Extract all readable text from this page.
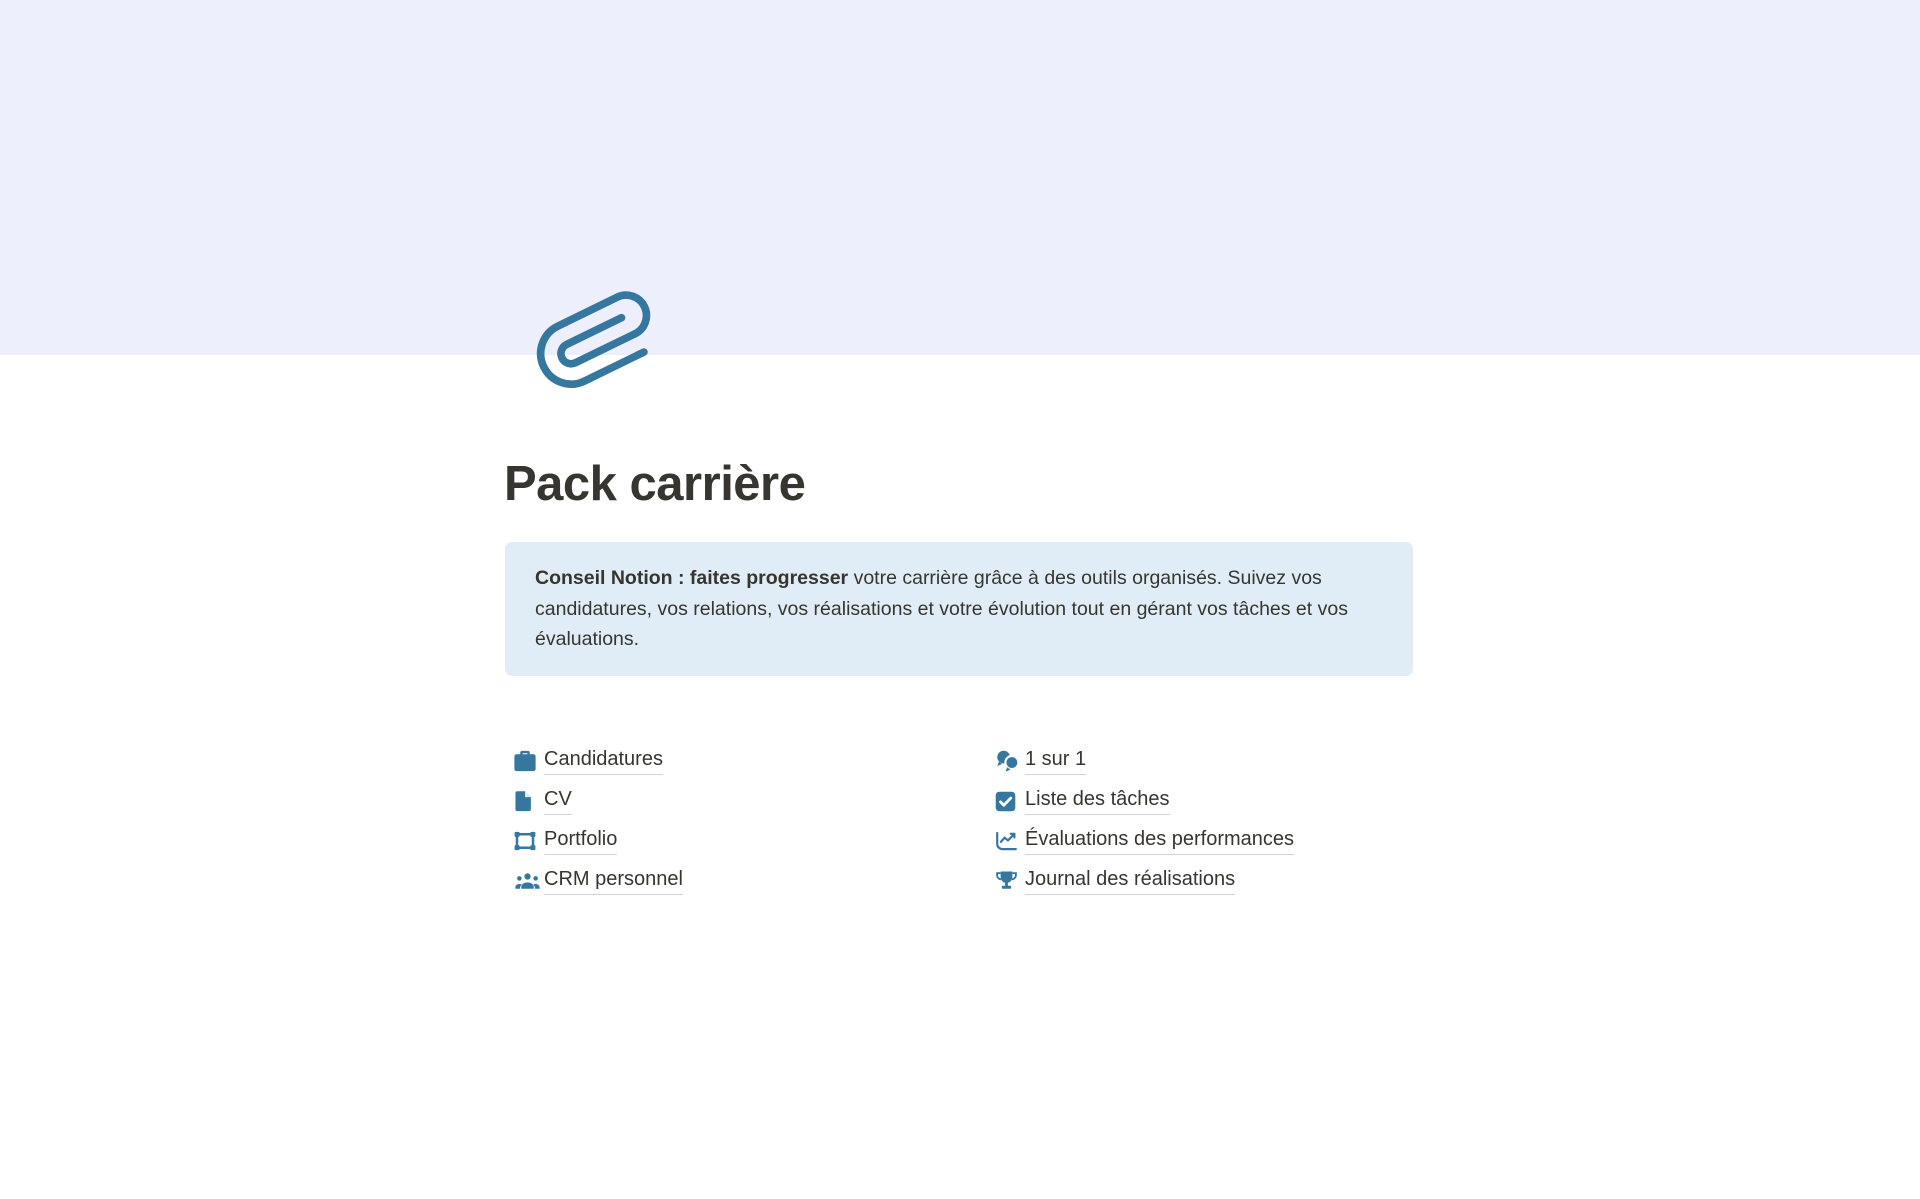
Pack carrière

Conseil Notion : faites progresser votre carrière grâce à des outils organisés. Suivez vos candidatures, vos relations, vos réalisations et votre évolution tout en gérant vos tâches et vos évaluations.

Candidatures
CV
Portfolio
CRM personnel
1 sur 1
Liste des tâches
Évaluations des performances
Journal des réalisations
